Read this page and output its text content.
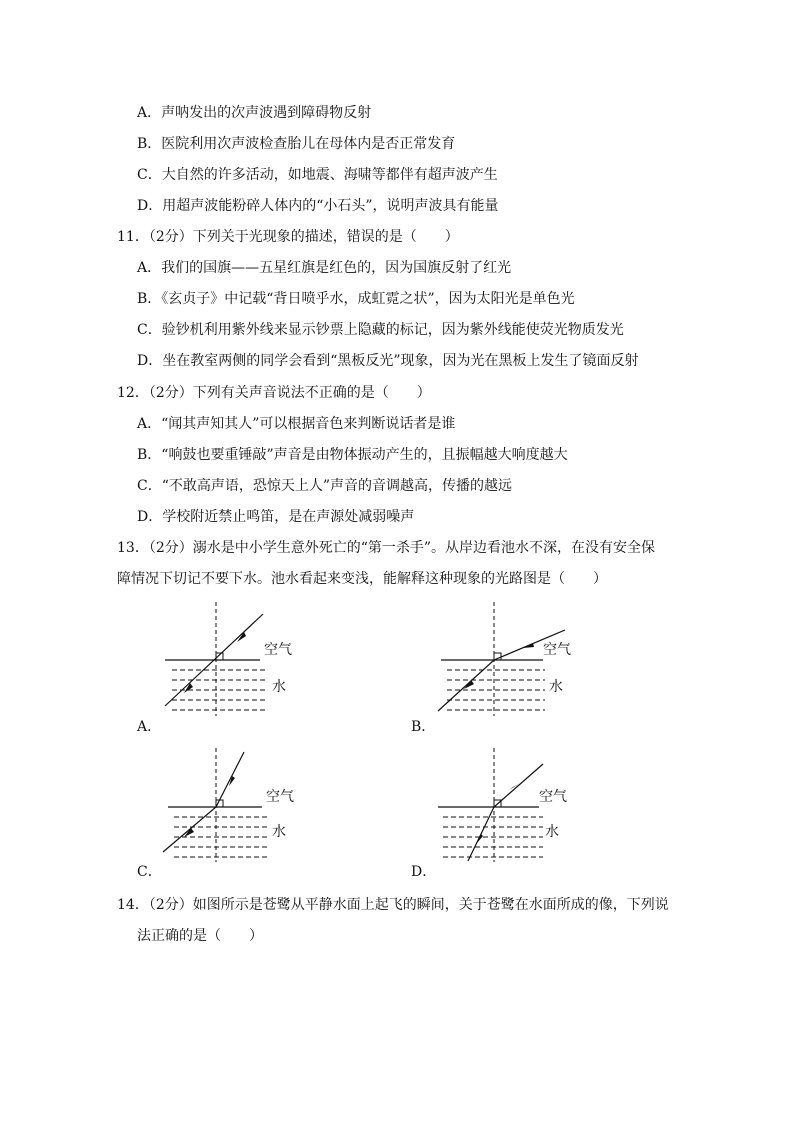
A．声呐发出的次声波遇到障碍物反射
B．医院利用次声波检查胎儿在母体内是否正常发育
C．大自然的许多活动，如地震、海啸等都伴有超声波产生
D．用超声波能粉碎人体内的“小石头”，说明声波具有能量
11．（2分）下列关于光现象的描述，错误的是（　　）
A．我们的国旗——五星红旗是红色的，因为国旗反射了红光
B．《玄贞子》中记载“背日喷乎水，成虹霓之状”，因为太阳光是单色光
C．验钞机利用紫外线来显示钞票上隐藏的标记，因为紫外线能使荧光物质发光
D．坐在教室两侧的同学会看到“黑板反光”现象，因为光在黑板上发生了镜面反射
12．（2分）下列有关声音说法不正确的是（　　）
A．“闻其声知其人”可以根据音色来判断说话者是谁
B．“响鼓也要重锤敲”声音是由物体振动产生的，且振幅越大响度越大
C．“不敢高声语，恐惊天上人”声音的音调越高，传播的越远
D．学校附近禁止鸣笛，是在声源处减弱噪声
13．（2分）溺水是中小学生意外死亡的“第一杀手”。从岸边看池水不深，在没有安全保
障情况下切记不要下水。池水看起来变浅，能解释这种现象的光路图是（　　）
空气
水
A．
空气
水
B．
空气
水
C．
空气
水
D．
14．（2分）如图所示是苍鹭从平静水面上起飞的瞬间，关于苍鹭在水面所成的像，下列说
法正确的是（　　）
